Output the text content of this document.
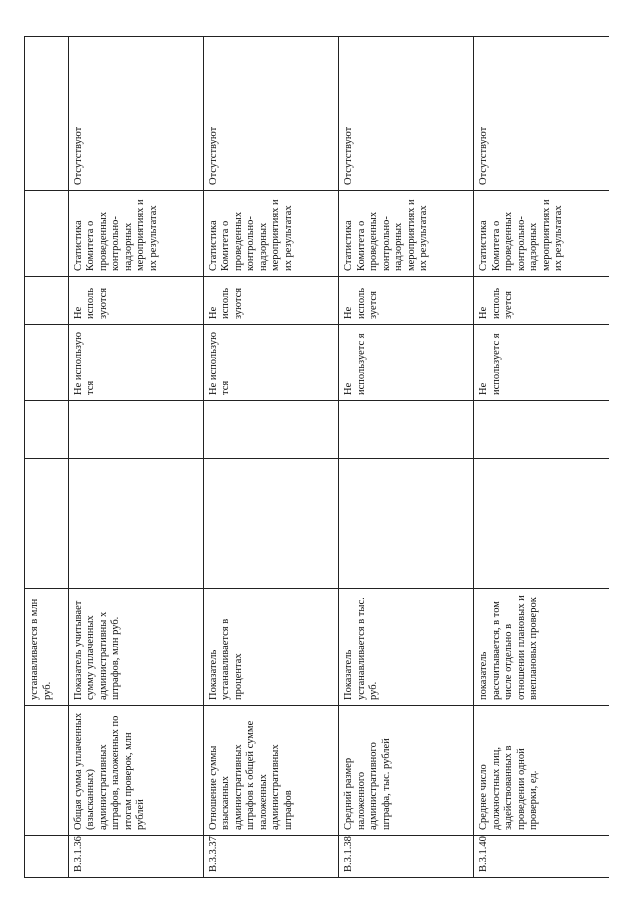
		устанавливается в млн руб.						
В.3.1.36	Общая сумма уплаченных (взысканных) административных штрафов, наложенных по итогам проверок, млн рублей	Показатель учитывает сумму уплаченных административны х штрафов, млн руб.			Не использую тся	Не исполь зуются	Статистика Комитета о проведенных контрольно-надзорных мероприятиях и их результатах	Отсутствуют
В.3.3.37	Отношение суммы взысканных административных штрафов к общей сумме наложенных административных штрафов	Показатель устанавливается в процентах			Не использую тся	Не исполь зуются	Статистика Комитета о проведенных контрольно-надзорных мероприятиях и их результатах	Отсутствуют
В.3.1.38	Средний размер наложенного административного штрафа, тыс. рублей	Показатель устанавливается в тыс. руб.			Не используетс я	Не исполь зуется	Статистика Комитета о проведенных контрольно-надзорных мероприятиях и их результатах	Отсутствуют
В.3.1.40	Среднее число должностных лиц, задействованных в проведении одной проверки, ед.	показатель рассчитывается, в том числе отдельно в отношении плановых и внеплановых проверок			Не используетс я	Не исполь зуется	Статистика Комитета о проведенных контрольно-надзорных мероприятиях и их результатах	Отсутствуют
